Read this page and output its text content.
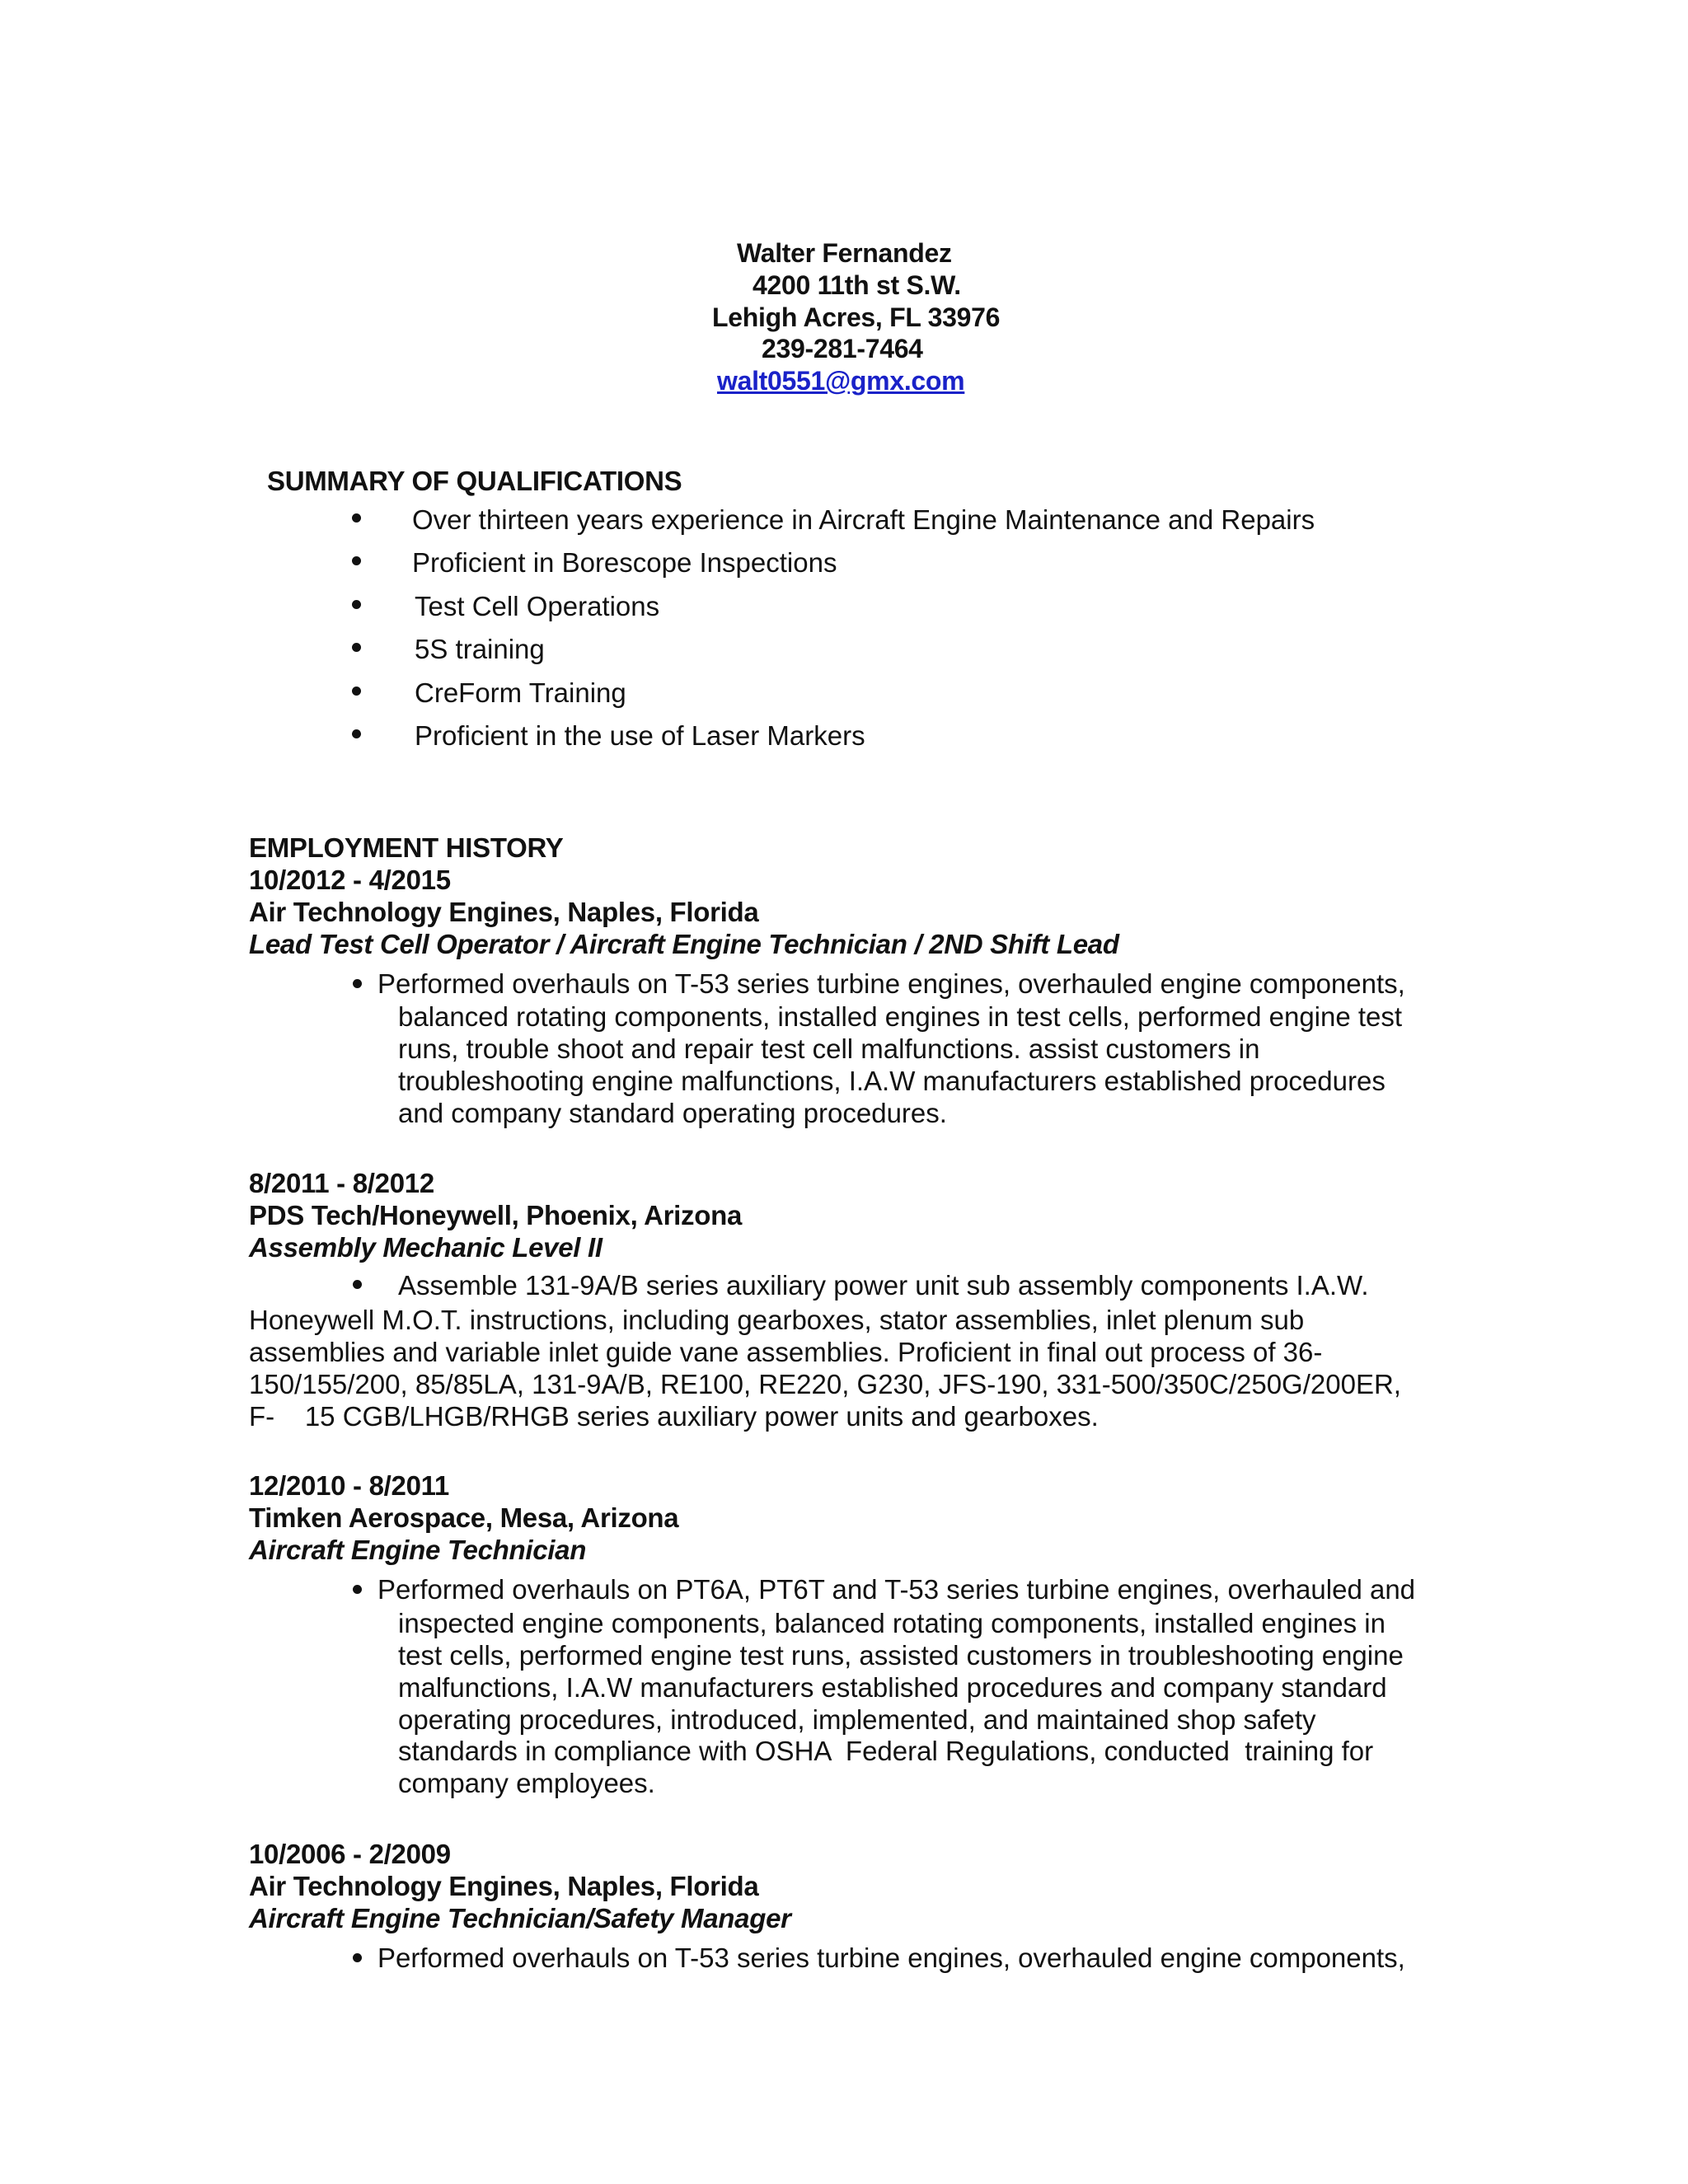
Walter Fernandez
4200 11th st S.W.
Lehigh Acres, FL 33976
239-281-7464
walt0551@gmx.com
SUMMARY OF QUALIFICATIONS
Over thirteen years experience in Aircraft Engine Maintenance and Repairs
Proficient in Borescope Inspections
Test Cell Operations
5S training
CreForm Training
Proficient in the use of Laser Markers
EMPLOYMENT HISTORY
10/2012 - 4/2015
Air Technology Engines, Naples, Florida
Lead Test Cell Operator / Aircraft Engine Technician / 2ND Shift Lead
Performed overhauls on T-53 series turbine engines, overhauled engine components,
balanced rotating components, installed engines in test cells, performed engine test
runs, trouble shoot and repair test cell malfunctions. assist customers in
troubleshooting engine malfunctions, I.A.W manufacturers established procedures
and company standard operating procedures.
8/2011 - 8/2012
PDS Tech/Honeywell, Phoenix, Arizona
Assembly Mechanic Level II
Assemble 131-9A/B series auxiliary power unit sub assembly components I.A.W.
Honeywell M.O.T. instructions, including gearboxes, stator assemblies, inlet plenum sub
assemblies and variable inlet guide vane assemblies. Proficient in final out process of 36-
150/155/200, 85/85LA, 131-9A/B, RE100, RE220, G230, JFS-190, 331-500/350C/250G/200ER,
F-    15 CGB/LHGB/RHGB series auxiliary power units and gearboxes.
12/2010 - 8/2011
Timken Aerospace, Mesa, Arizona
Aircraft Engine Technician
Performed overhauls on PT6A, PT6T and T-53 series turbine engines, overhauled and
inspected engine components, balanced rotating components, installed engines in
test cells, performed engine test runs, assisted customers in troubleshooting engine
malfunctions, I.A.W manufacturers established procedures and company standard
operating procedures, introduced, implemented, and maintained shop safety
standards in compliance with OSHA  Federal Regulations, conducted  training for
company employees.
10/2006 - 2/2009
Air Technology Engines, Naples, Florida
Aircraft Engine Technician/Safety Manager
Performed overhauls on T-53 series turbine engines, overhauled engine components,
